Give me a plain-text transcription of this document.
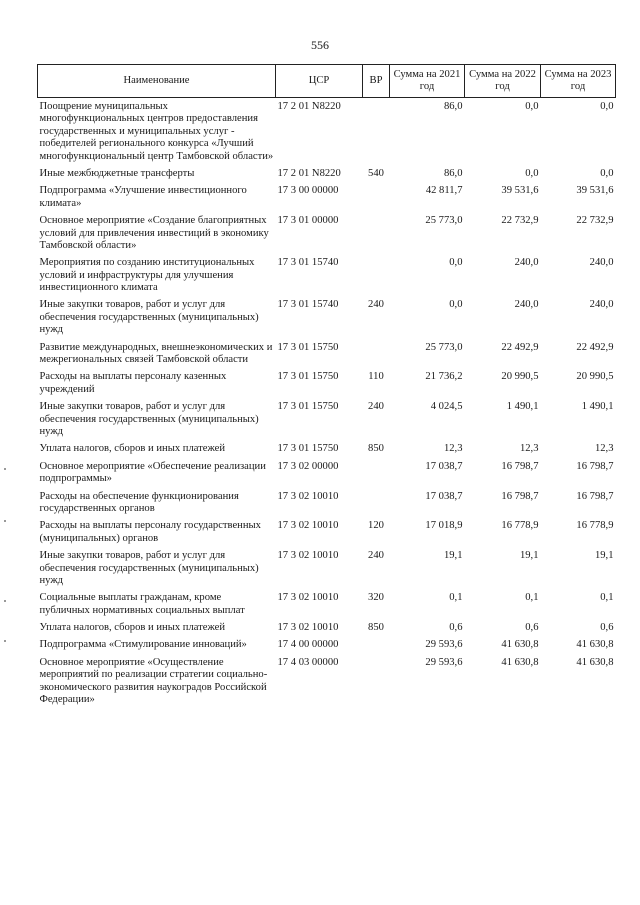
556
Наименование	ЦСР	ВР	Сумма на 2021 год	Сумма на 2022 год	Сумма на 2023 год
Поощрение муниципальных многофункциональных центров предоставления государственных и муниципальных услуг - победителей регионального конкурса «Лучший многофункциональный центр Тамбовской области»	17 2 01 N8220		86,0	0,0	0,0
Иные межбюджетные трансферты	17 2 01 N8220	540	86,0	0,0	0,0
Подпрограмма «Улучшение инвестиционного климата»	17 3 00 00000		42 811,7	39 531,6	39 531,6
Основное мероприятие «Создание благоприятных условий для привлечения инвестиций в экономику Тамбовской области»	17 3 01 00000		25 773,0	22 732,9	22 732,9
Мероприятия по созданию институциональных условий и инфраструктуры для улучшения инвестиционного климата	17 3 01 15740		0,0	240,0	240,0
Иные закупки товаров, работ и услуг для обеспечения государственных (муниципальных) нужд	17 3 01 15740	240	0,0	240,0	240,0
Развитие международных, внешнеэкономических и межрегиональных связей Тамбовской области	17 3 01 15750		25 773,0	22 492,9	22 492,9
Расходы на выплаты персоналу казенных учреждений	17 3 01 15750	110	21 736,2	20 990,5	20 990,5
Иные закупки товаров, работ и услуг для обеспечения государственных (муниципальных) нужд	17 3 01 15750	240	4 024,5	1 490,1	1 490,1
Уплата налогов, сборов и иных платежей	17 3 01 15750	850	12,3	12,3	12,3
Основное мероприятие «Обеспечение реализации подпрограммы»	17 3 02 00000		17 038,7	16 798,7	16 798,7
Расходы на обеспечение функционирования государственных органов	17 3 02 10010		17 038,7	16 798,7	16 798,7
Расходы на выплаты персоналу государственных (муниципальных) органов	17 3 02 10010	120	17 018,9	16 778,9	16 778,9
Иные закупки товаров, работ и услуг для обеспечения государственных (муниципальных) нужд	17 3 02 10010	240	19,1	19,1	19,1
Социальные выплаты гражданам, кроме публичных нормативных социальных выплат	17 3 02 10010	320	0,1	0,1	0,1
Уплата налогов, сборов и иных платежей	17 3 02 10010	850	0,6	0,6	0,6
Подпрограмма «Стимулирование инноваций»	17 4 00 00000		29 593,6	41 630,8	41 630,8
Основное мероприятие «Осуществление мероприятий по реализации стратегии социально-экономического развития наукоградов Российской Федерации»	17 4 03 00000		29 593,6	41 630,8	41 630,8
